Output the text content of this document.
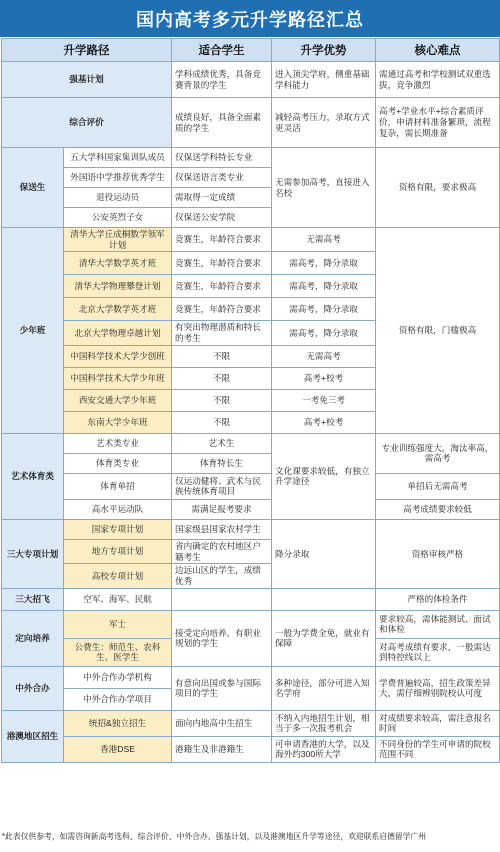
国内高考多元升学路径汇总
升学路径		适合学生	升学优势	核心难点
强基计划		学科成绩优秀，具备竞赛背景的学生	进入顶尖学府，侧重基础学科能力	需通过高考和学校测试双重选拔，竞争激烈
综合评价		成绩良好，具备全面素质的学生	减轻高考压力，录取方式更灵活	高考+学业水平+综合素质评价，申请材料准备繁琐，流程复杂，需长期准备
保送生	五大学科国家集训队成员	仅保送学科特长专业	无需参加高考，直接进入名校	资格有限，要求极高
	外国语中学推荐优秀学生	仅保送语言类专业		
	退役运动员	需取得一定成绩		
	公安英烈子女	仅保送公安学院		
少年班	清华大学丘成桐数学领军计划	竞赛生，年龄符合要求	无需高考	资格有限，门槛极高
	清华大学数学英才班	竞赛生，年龄符合要求	需高考，降分录取	
	清华大学物理攀登计划	竞赛生，年龄符合要求	需高考，降分录取	
	北京大学数学英才班	竞赛生，年龄符合要求	需高考，降分录取	
	北京大学物理卓越计划	有突出物理潜质和特长的考生	需高考，降分录取	
	中国科学技术大学少创班	不限	无需高考	
	中国科学技术大学少年班	不限	高考+校考	
	西安交通大学少年班	不限	一考免三考	
	东南大学少年班	不限	高考+校考	
艺术体育类	艺术类专业	艺术生	文化课要求较低，有独立升学途径	专业训练强度大，淘汰率高，需高考
	体育类专业	体育特长生		
	体育单招	仅运动健将、武术与民族传统体育项目		单招后无需高考
	高水平运动队	需满足报考要求		高考成绩要求较低
三大专项计划	国家专项计划	国家级县国家农村学生	降分录取	资格审核严格
	地方专项计划	省内确定的农村地区户籍考生		
	高校专项计划	边远山区的学生，成绩优秀		
三大招飞	空军、海军、民航			严格的体检条件
定向培养	军士	接受定向培养，有职业规划的学生	一般为学费全免，就业有保障	要求较高，需体能测试、面试和体检
	公费生：师范生、农科生、医学生			对高考成绩有要求，一般需达到特控线以上
中外合办	中外合作办学机构	有意向出国或参与国际项目的学生	多种途径，部分可进入知名学府	学费普遍较高，招生政策差异大，需仔细辨别院校认可度
	中外合作办学项目			
港澳地区招生	统招&独立招生	面向内地高中生招生	不纳入内地招生计划，相当于多一次报考机会	对成绩要求较高，需注意报名时间
	香港DSE	港籍生及非港籍生	可申请香港的大学，以及海外约300所大学	不同身份的学生可申请的院校范围不同
*此表仅供参考，如需咨询新高考选科、综合评价、中外合办、强基计划，以及港澳地区升学等途径，欢迎联系启德留学广州
